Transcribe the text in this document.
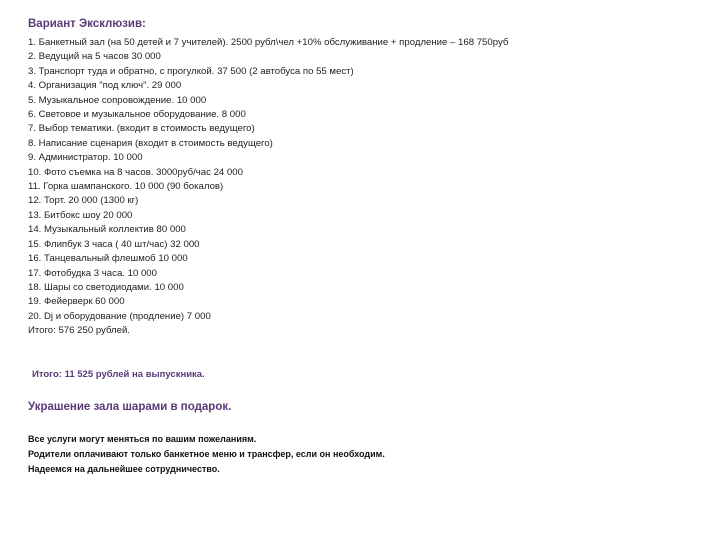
Вариант Эксклюзив:
1. Банкетный зал (на 50 детей и 7 учителей). 2500 рубл\чел +10% обслуживание + продление – 168 750руб
2. Ведущий на 5 часов 30 000
3. Транспорт туда и обратно, с прогулкой. 37 500 (2 автобуса по 55 мест)
4. Организация "под ключ". 29 000
5. Музыкальное сопровождение. 10 000
6. Световое и музыкальное оборудование. 8 000
7. Выбор тематики. (входит в стоимость ведущего)
8. Написание сценария (входит в стоимость ведущего)
9. Администратор. 10 000
10. Фото съемка на 8 часов. 3000руб/час 24 000
11. Горка шампанского. 10 000 (90 бокалов)
12. Торт. 20 000 (1300 кг)
13. Битбокс шоу 20 000
14. Музыкальный коллектив 80 000
15. Флипбук 3 часа ( 40 шт/час) 32 000
16. Танцевальный флешмоб 10 000
17. Фотобудка 3 часа. 10 000
18. Шары со светодиодами. 10 000
19. Фейерверк 60 000
20. Dj и оборудование (продление) 7 000
Итого: 576 250 рублей.
Итого: 11 525 рублей на выпускника.
Украшение зала шарами в подарок.
Все услуги могут меняться по вашим пожеланиям.
Родители оплачивают только банкетное меню и трансфер, если он необходим.
Надеемся на дальнейшее сотрудничество.
